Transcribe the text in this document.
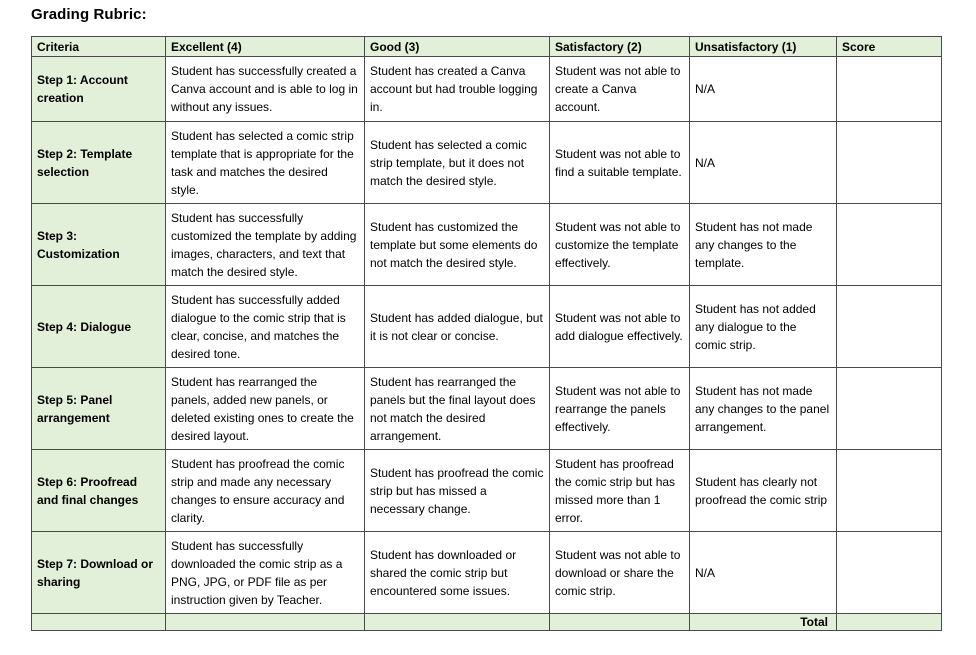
Grading Rubric:
Criteria	Excellent (4)	Good (3)	Satisfactory (2)	Unsatisfactory (1)	Score
Step 1: Account creation	Student has successfully created a Canva account and is able to log in without any issues.	Student has created a Canva account but had trouble logging in.	Student was not able to create a Canva account.	N/A	
Step 2: Template selection	Student has selected a comic strip template that is appropriate for the task and matches the desired style.	Student has selected a comic strip template, but it does not match the desired style.	Student was not able to find a suitable template.	N/A	
Step 3: Customization	Student has successfully customized the template by adding images, characters, and text that match the desired style.	Student has customized the template but some elements do not match the desired style.	Student was not able to customize the template effectively.	Student has not made any changes to the template.	
Step 4: Dialogue	Student has successfully added dialogue to the comic strip that is clear, concise, and matches the desired tone.	Student has added dialogue, but it is not clear or concise.	Student was not able to add dialogue effectively.	Student has not added any dialogue to the comic strip.	
Step 5: Panel arrangement	Student has rearranged the panels, added new panels, or deleted existing ones to create the desired layout.	Student has rearranged the panels but the final layout does not match the desired arrangement.	Student was not able to rearrange the panels effectively.	Student has not made any changes to the panel arrangement.	
Step 6: Proofread and final changes	Student has proofread the comic strip and made any necessary changes to ensure accuracy and clarity.	Student has proofread the comic strip but has missed a necessary change.	Student has proofread the comic strip but has missed more than 1 error.	Student has clearly not proofread the comic strip	
Step 7: Download or sharing	Student has successfully downloaded the comic strip as a PNG, JPG, or PDF file as per instruction given by Teacher.	Student has downloaded or shared the comic strip but encountered some issues.	Student was not able to download or share the comic strip.	N/A	
				Total	
